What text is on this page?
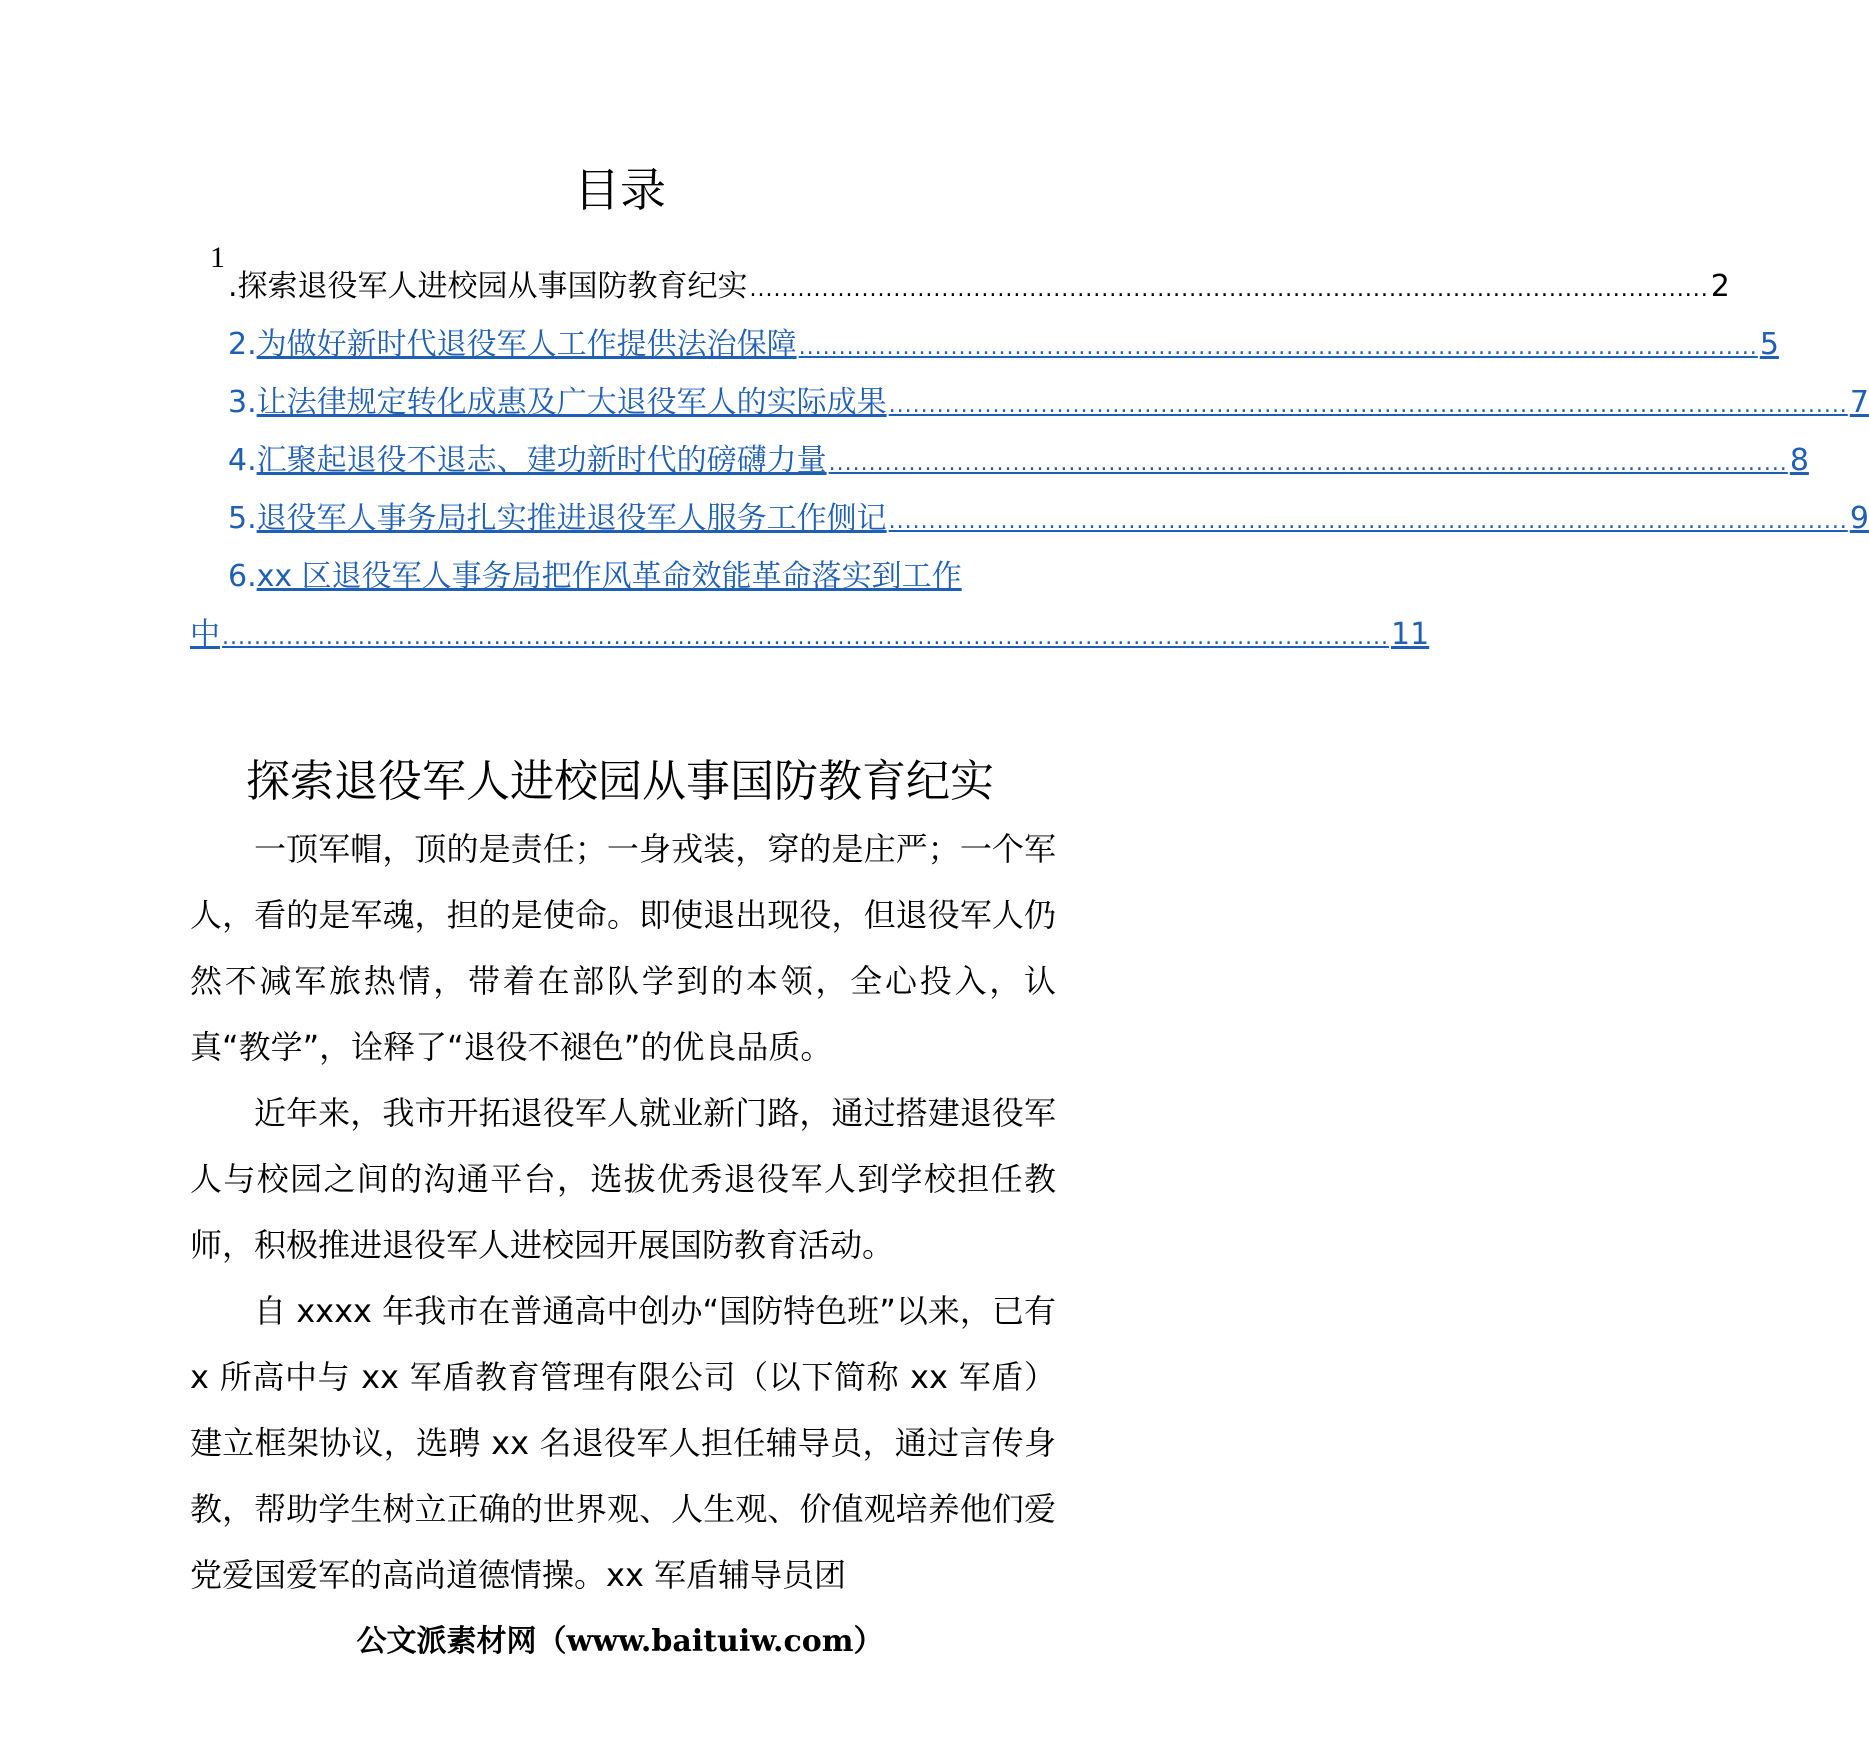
目录
1
. 探索退役军人进校园从事国防教育纪实 ........................................................................................................................ 2
2. 为做好新时代退役军人工作提供法治保障 ........................................................................................................................ 5
3. 让法律规定转化成惠及广大退役军人的实际成果 ........................................................................................................................ 7
4. 汇聚起退役不退志、建功新时代的磅礴力量 ........................................................................................................................ 8
5. 退役军人事务局扎实推进退役军人服务工作侧记 ........................................................................................................................ 9
6.xx 区退役军人事务局把作风革命效能革命落实到工作
中 .................................................................................................................................................. 11
探索退役军人进校园从事国防教育纪实

一顶军帽，顶的是责任；一身戎装，穿的是庄严；一个军人，看的是军魂，担的是使命。即使退出现役，但退役军人仍然不减军旅热情，带着在部队学到的本领，全心投入，认真“教学”，诠释了“退役不褪色”的优良品质。

近年来，我市开拓退役军人就业新门路，通过搭建退役军人与校园之间的沟通平台，选拔优秀退役军人到学校担任教师，积极推进退役军人进校园开展国防教育活动。

自 xxxx 年我市在普通高中创办“国防特色班”以来，已有 x 所高中与 xx 军盾教育管理有限公司（以下简称 xx 军盾）建立框架协议，选聘 xx 名退役军人担任辅导员，通过言传身教，帮助学生树立正确的世界观、人生观、价值观培养他们爱党爱国爱军的高尚道德情操。xx 军盾辅导员团

公文派素材网（www.baituiw.com）
